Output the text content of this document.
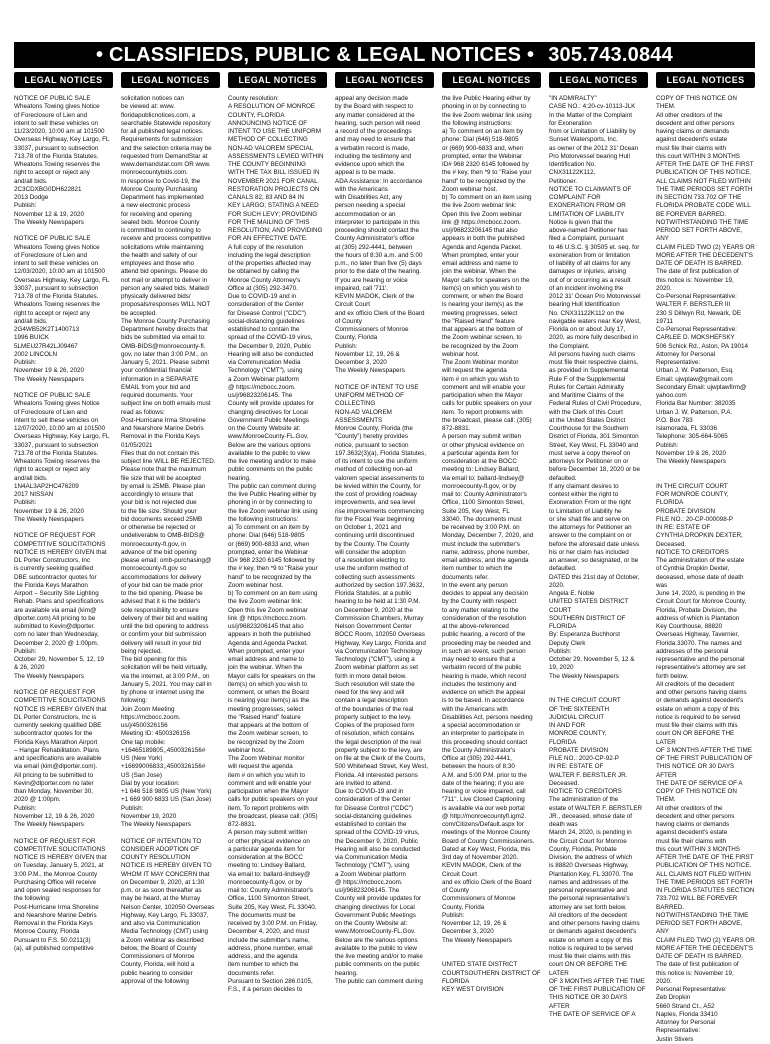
• CLASSIFIEDS, PUBLIC & LEGAL NOTICES • 305.743.0844
LEGAL NOTICES
NOTICE OF PUBLIC SALE
Wheatons Towing gives Notice
of Foreclosure of Lien and
intent to sell these vehicles on
11/23/2020, 10:00 am at 101500
Overseas Highway, Key Largo, FL
33037, pursuant to subsection
713.78 of the Florida Statutes.
Wheatons Towing reserves the
right to accept or reject any
and/all bids.
2C3CDXBG0DH622821
2013 Dodge
Publish:
November 12 & 19, 2020
The Weekly Newspapers

NOTICE OF PUBLIC SALE
Wheatons Towing gives Notice
of Foreclosure of Lien and
intent to sell these vehicles on
12/03/2020, 10:00 am at 101500
Overseas Highway, Key Largo, FL
33037, pursuant to subsection
713.78 of the Florida Statutes.
Wheatons Towing reserves the
right to accept or reject any
and/all bids.
2G4WB52K2T1400713
1996 BUICK
5LMEU27R42LJ09467
2002 LINCOLN
Publish:
November 19 & 26, 2020
The Weekly Newspapers

NOTICE OF PUBLIC SALE
Wheatons Towing gives Notice
of Foreclosure of Lien and
intent to sell these vehicles on
12/07/2020, 10:00 am at 101500
Overseas Highway, Key Largo, FL
33037, pursuant to subsection
713.78 of the Florida Statutes.
Wheatons Towing reserves the
right to accept or reject any
and/all bids.
1N4AL3AP2HC476209
2017 NISSAN
Publish:
November 19 & 26, 2020
The Weekly Newspapers

NOTICE OF REQUEST FOR
COMPETITIVE SOLICITATIONS
NOTICE IS HEREBY GIVEN that
DL Porter Constructors, Inc
is currently seeking qualified
DBE subcontractor quotes for
the Florida Keys Marathon
Airport – Security Site Lighting
Rehab. Plans and specifications
are available via email (kim@
dlporter.com) All pricing to be
submitted to Kevin@dlporter.
com no later than Wednesday,
December 2, 2020 @ 1:00pm.
Publish:
October 29, November 5, 12, 19
& 26, 2020
The Weekly Newspapers

NOTICE OF REQUEST FOR
COMPETITIVE SOLICITATIONS
NOTICE IS HEREBY GIVEN that
DL Porter Constructors, Inc is
currently seeking qualified DBE
subcontractor quotes for the
Florida Keys Marathon Airport
– Hangar Rehabilitation. Plans
and specifications are available
via email (kim@dlporter.com).
All pricing to be submitted to
Kevin@dlporter.com no later
than Monday, November 30,
2020 @ 1:00pm.
Publish:
November 12, 19 & 26, 2020
The Weekly Newspapers

NOTICE OF REQUEST FOR
COMPETITIVE SOLICITATIONS
NOTICE IS HEREBY GIVEN that
on Tuesday, January 5, 2021, at
3:00 P.M., the Monroe County
Purchasing Office will receive
and open sealed responses for
the following:
Post-Hurricane Irma Shoreline
and Nearshore Marine Debris
Removal in the Florida Keys
Monroe County, Florida
Pursuant to F.S. 50.0211(3)
(a), all published competitive
LEGAL NOTICES
solicitation notices can
be viewed at: www.
floridapublicnotices.com, a
searchable Statewide repository
for all published legal notices.
Requirements for submission
and the selection criteria may be
requested from DemandStar at
www.demandstar.com OR www.
monroecountybids.com.
In response to Covid-19, the
Monroe County Purchasing
Department has implemented
a new electronic process
for receiving and opening
sealed bids. Monroe County
is committed to continuing to
receive and process competitive
solicitations while maintaining
the health and safety of our
employees and those who
attend bid openings. Please do
not mail or attempt to deliver in
person any sealed bids. Mailed/
physically delivered bids/
proposals/responses WILL NOT
be accepted.
The Monroe County Purchasing
Department hereby directs that
bids be submitted via email to:
OMB-BIDS@monroecounty-fl.
gov, no later than 3:00 P.M., on
January 5, 2021. Please submit
your confidential financial
information in a SEPARATE
EMAIL from your bid and
required documents. Your
subject line on both emails must
read as follows:
Post-Hurricane Irma Shoreline
and Nearshore Marine Debris
Removal in the Florida Keys
01/05/2021
Files that do not contain this
subject line WILL BE REJECTED.
Please note that the maximum
file size that will be accepted
by email is 25MB. Please plan
accordingly to ensure that
your bid is not rejected due
to the file size. Should your
bid documents exceed 25MB
or otherwise be rejected or
undeliverable to OMB-BIDS@
monroecounty-fl.gov, in
advance of the bid opening
please email: omb-purchasing@
monroecounty-fl.gov so
accommodations for delivery
of your bid can be made prior
to the bid opening. Please be
advised that it is the bidder's
sole responsibility to ensure
delivery of their bid and waiting
until the bid opening to address
or confirm your bid submission
delivery will result in your bid
being rejected.
The bid opening for this
solicitation will be held virtually,
via the internet, at 3:00 P.M., on
January 5, 2021. You may call in
by phone or internet using the
following:
Join Zoom Meeting
https://mcbocc.zoom.
us/j/4500326156
Meeting ID: 4500326156
One tap mobile:
+16465189805,,4500326156#
US (New York)
+16699006833,,4500326156#
US (San Jose)
Dial by your location:
+1 646 518 9805 US (New York)
+1 669 900 6833 US (San Jose)
Publish:
November 19, 2020
The Weekly Newspapers

NOTICE OF INTENTION TO
CONSIDER ADOPTION OF
COUNTY RESOLUTION
NOTICE IS HEREBY GIVEN TO
WHOM IT MAY CONCERN that
on December 9, 2020, at 1:30
p.m. or as soon thereafter as
may be heard, at the Murray
Nelson Center, 102050 Overseas
Highway, Key Largo, FL 33037,
and also via Communication
Media Technology (CMT) using
a Zoom webinar as described
below, the Board of County
Commissioners of Monroe
County, Florida, will hold a
public hearing to consider
approval of the following
LEGAL NOTICES
County resolution:
A RESOLUTION OF MONROE
COUNTY, FLORIDA
ANNOUNCING NOTICE OF
INTENT TO USE THE UNIFORM
METHOD OF COLLECTING
NON-AD VALOREM SPECIAL
ASSESSMENTS LEVIED WITHIN
THE COUNTY BEGINNING
WITH THE TAX BILL ISSUED IN
NOVEMBER 2021 FOR CANAL
RESTORATION PROJECTS ON
CANALS 82, 83 AND 84 IN
KEY LARGO; STATING A NEED
FOR SUCH LEVY; PROVIDING
FOR THE MAILING OF THIS
RESOLUTION; AND PROVIDING
FOR AN EFFECTIVE DATE.
A full copy of the resolution
including the legal description
of the properties affected may
be obtained by calling the
Monroe County Attorney's
Office at (305) 292-3470.
Due to COVID-19 and in
consideration of the Center
for Disease Control ("CDC")
social-distancing guidelines
established to contain the
spread of the COVID-19 virus,
the December 9, 2020, Public
Hearing will also be conducted
via Communication Media
Technology ("CMT"), using
a Zoom Webinar platform
@ https://mcbocc.zoom.
us/j/96823206145. The
County will provide updates for
changing directives for Local
Government Public Meetings
on the County Website at:
www.MonroeCounty-FL.Gov.
Below are the various options
available to the public to view
the live meeting and/or to make
public comments on the public
hearing.
The public can comment during
the live Public Hearing either by
phoning in or by connecting to
the live Zoom webinar link using
the following instructions:
a) To comment on an item by
phone: Dial (646) 518-9805
or (669) 900-6833 and, when
prompted, enter the Webinar
ID# 968 2320 6145 followed by
the # key, then *9 to "Raise your
hand" to be recognized by the
Zoom webinar host.
b) To comment on an item using
the live Zoom webinar link:
Open this live Zoom webinar
link @ https://mcbocc.zoom.
us/j/96823206145 that also
appears in both the published
Agenda and Agenda Packet.
When prompted, enter your
email address and name to
join the webinar. When the
Mayor calls for speakers on the
item(s) on which you wish to
comment, or when the Board
is nearing your item(s) as the
meeting progresses, select
the "Raised Hand" feature
that appears at the bottom of
the Zoom webinar screen, to
be recognized by the Zoom
webinar host.
The Zoom Webinar monitor
will request the agenda
item # on which you wish to
comment and will enable your
participation when the Mayor
calls for public speakers on your
item. To report problems with
the broadcast, please call: (305)
872-8831.
A person may submit written
or other physical evidence on
a particular agenda item for
consideration at the BOCC
meeting to: Lindsey Ballard,
via email to: ballard-lindsey@
monroecounty-fl.gov, or by
mail to: County Administrator's
Office, 1100 Simonton Street,
Suite 205, Key West, FL 33040.
The documents must be
received by 3:00 P.M. on Friday,
December 4, 2020, and must
include the submitter's name,
address, phone number, email
address, and the agenda
item number to which the
documents refer.
Pursuant to Section 286.0105,
F.S., if a person decides to
LEGAL NOTICES
appeal any decision made
by the Board with respect to
any matter considered at the
hearing, such person will need
a record of the proceedings
and may need to ensure that
a verbatim record is made,
including the testimony and
evidence upon which the
appeal is to be made.
ADA Assistance: In accordance
with the Americans
with Disabilities Act, any
person needing a special
accommodation or an
interpreter to participate in this
proceeding should contact the
County Administrator's office
at (305) 292-4441, between
the hours of 8:30 a.m. and 5:00
p.m., no later than five (5) days
prior to the date of the hearing.
If you are hearing or voice
impaired, call '711'.
KEVIN MADOK, Clerk of the
Circuit Court
and ex officio Clerk of the Board
of County
Commissioners of Monroe
County, Florida
Publish:
November 12, 19, 26 &
December 3, 2020
The Weekly Newspapers

NOTICE OF INTENT TO USE
UNIFORM METHOD OF
COLLECTING
NON-AD VALOREM
ASSESSMENTS
Monroe County, Florida (the
"County") hereby provides
notice, pursuant to section
197.3632(3)(a), Florida Statutes,
of its intent to use the uniform
method of collecting non-ad
valorem special assessments to
be levied within the County, for
the cost of providing roadway
improvements, and sea level
rise improvements commencing
for the Fiscal Year beginning
on October 1, 2021 and
continuing until discontinued
by the County. The County
will consider the adoption
of a resolution electing to
use the uniform method of
collecting such assessments
authorized by section 197.3632,
Florida Statutes, at a public
hearing to be held at 1:30 P.M.
on December 9, 2020 at the
Commission Chambers, Murray
Nelson Government Center
BOCC Room, 102050 Overseas
Highway, Key Largo, Florida and
via Communication Technology
Technology ("CMT"), using a
Zoom webinar platform as set
forth in more detail below.
Such resolution will state the
need for the levy and will
contain a legal description
of the boundaries of the real
property subject to the levy.
Copies of the proposed form
of resolution, which contains
the legal description of the real
property subject to the levy, are
on file at the Clerk of the Courts,
500 Whitehead Street, Key West,
Florida. All interested persons
are invited to attend.
Due to COVID-19 and in
consideration of the Center
for Disease Control ("CDC")
social-distancing guidelines
established to contain the
spread of the COVID-19 virus,
the December 9, 2020, Public
Hearing will also be conducted
via Communication Media
Technology ("CMT"), using
a Zoom Webinar platform
@ https://mcbocc.zoom.
us/j/96823206145. The
County will provide updates for
changing directives for Local
Government Public Meetings
on the County Website at:
www.MonroeCounty-FL.Gov.
Below are the various options
available to the public to view
the live meeting and/or to make
public comments on the public
hearing.
The public can comment during
LEGAL NOTICES
the live Public Hearing either by
phoning in or by connecting to
the live Zoom webinar link using
the following instructions:
a) To comment on an item by
phone: Dial (646) 518-9805
or (669) 900-6833 and, when
prompted, enter the Webinar
ID# 968 2320 6145 followed by
the # key, then *9 to "Raise your
hand" to be recognized by the
Zoom webinar host.
b) To comment on an item using
the live Zoom webinar link:
Open this live Zoom webinar
link @ https://mcbocc.zoom.
us/j/96823206145 that also
appears in both the published
Agenda and Agenda Packet.
When prompted, enter your
email address and name to
join the webinar. When the
Mayor calls for speakers on the
item(s) on which you wish to
comment, or when the Board
is nearing your item(s) as the
meeting progresses, select
the "Raised Hand" feature
that appears at the bottom of
the Zoom webinar screen, to
be recognized by the Zoom
webinar host.
The Zoom Webinar monitor
will request the agenda
item # on which you wish to
comment and will enable your
participation when the Mayor
calls for public speakers on your
item. To report problems with
the broadcast, please call: (305)
872-8831.
A person may submit written
or other physical evidence on
a particular agenda item for
consideration at the BOCC
meeting to: Lindsey Ballard,
via email to: ballard-lindsey@
monroecounty-fl.gov, or by
mail to: County Administrator's
Office, 1100 Simonton Street,
Suite 205, Key West, FL
33040. The documents must
be received by 3:00 P.M. on
Monday, December 7, 2020, and
must include the submitter's
name, address, phone number,
email address, and the agenda
item number to which the
documents refer.
In the event any person
decides to appeal any decision
by the County with respect
to any matter relating to the
consideration of the resolution
at the above-referenced
public hearing, a record of the
proceeding may be needed and
in such an event, such person
may need to ensure that a
verbatim record of the public
hearing is made, which record
includes the testimony and
evidence on which the appeal
is to be based. In accordance
with the Americans with
Disabilities Act, persons needing
a special accommodation or
an interpreter to participate in
this proceeding should contact
the County Administrator's
Office at (305) 292-4441,
between the hours of 8:30
A.M. and 5:00 P.M. prior to the
date of the hearing; if you are
hearing or voice impaired, call
"711". Live Closed Captioning
is available via our web portal
@ http://monroecountyfl.igm2.
com/Citizens/Default.aspx for
meetings of the Monroe County
Board of County Commissioners.
Dated at Key West, Florida, this
3rd day of November 2020.
KEVIN MADOK, Clerk of the
Circuit Court
and ex officio Clerk of the Board
of County
Commissioners of Monroe
County, Florida
Publish:
November 12, 19, 26 &
December 3, 2020
The Weekly Newspapers

UNITED STATE DISTRICT
COURTSOUTHERN DISTRICT OF
FLORIDA
KEY WEST DIVISION
LEGAL NOTICES
"IN ADMIRALTY"
CASE NO.: 4:20-cv-10113-JLK
In the Matter of the Complaint
for Exoneration
from or Limitation of Liability by
Sunset Watersports, Inc.
as owner of the 2012 31' Ocean
Pro Motorvessel bearing Hull
Identification No.
CNX31122K112,
Petitioner.
NOTICE TO CLAIMANTS OF
COMPLAINT FOR
EXONERATION FROM OR
LIMITATION OF LIABILITY
Notice is given that the
above-named Petitioner has
filed a Complaint, pursuant
to 46 U.S.C. § 30505 et. seq. for
exoneration from or limitation
of liability of all claims for any
damages or injuries, arising
out of or occurring as a result
of an incident involving the
2012 31' Ocean Pro Motorvessel
bearing Hull Identification
No. CNX31122K112 on the
navigable waters near Key West,
Florida on or about July 17,
2020, as more fully described in
the Complaint.
All persons having such claims
must file their respective claims,
as provided in Supplemental
Rule F of the Supplemental
Rules for Certain Admiralty
and Maritime Claims of the
Federal Rules of Civil Procedure,
with the Clerk of this Court
at the United States District
Courthouse for the Southern
District of Florida, 301 Simonton
Street, Key West, FL 33040 and
must serve a copy thereof on
attorneys for Petitioner on or
before December 18, 2020 or be
defaulted.
If any claimant desires to
contest either the right to
Exoneration From or the right
to Limitation of Liability he
or she shall file and serve on
the attorneys for Petitioner an
answer to the complaint on or
before the aforesaid date unless
his or her claim has included
an answer, so designated, or be
defaulted.
DATED this 21st day of October,
2020.
Angela E. Noble
UNITED STATES DISTRICT COURT
SOUTHERN DISTRICT OF
FLORIDA
By: Esperanza Buchhorst
Deputy Clerk
Publish:
October 29, November 5, 12 &
19, 2020
The Weekly Newspapers

IN THE CIRCUIT COURT
OF THE SIXTEENTH
JUDICIAL CIRCUIT
IN AND FOR
MONROE COUNTY,
FLORIDA
PROBATE DIVISION
FILE NO.: 2020-CP-92-P
IN RE: ESTATE OF
WALTER F. BERSTLER JR.
Deceased.
NOTICE TO CREDITORS
The administration of the
estate of WALTER F. BERSTLER
JR., deceased, whose date of
death was
March 24, 2020, is pending in
the Circuit Court for Monroe
County, Florida, Probate
Division, the address of which
is 88820 Overseas Highway,
Plantation Key, FL 33070. The
names and addresses of the
personal representative and
the personal representative's
attorney are set forth below.
All creditors of the decedent
and other persons having claims
or demands against decedent's
estate on whom a copy of this
notice is required to be served
must file their claims with this
court ON OR BEFORE THE LATER
OF 3 MONTHS AFTER THE TIME
OF THE FIRST PUBLICATION OF
THIS NOTICE OR 30 DAYS AFTER
THE DATE OF SERVICE OF A
LEGAL NOTICES
COPY OF THIS NOTICE ON THEM.
All other creditors of the
decedent and other persons
having claims or demands
against decedent's estate
must file their claims with
this court WITHIN 3 MONTHS
AFTER THE DATE OF THE FIRST
PUBLICATION OF THIS NOTICE.
ALL CLAIMS NOT FILED WITHIN
THE TIME PERIODS SET FORTH
IN SECTION 733.702 OF THE
FLORIDA PROBATE CODE WILL
BE FOREVER BARRED.
NOTWITHSTANDING THE TIME
PERIOD SET FORTH ABOVE, ANY
CLAIM FILED TWO (2) YEARS OR
MORE AFTER THE DECEDENT'S
DATE OF DEATH IS BARRED.
The date of first publication of
this notice is: November 19,
2020.
Co-Personal Representative:
WALTER F. BERSTLER III
230 S Dillwyn Rd, Newark, DE
19711
Co-Personal Representative:
CARLEE D. MOKSHEFSKY
506 Schick Rd., Aston, PA 19014
Attorney for Personal
Representative:
Urban J. W. Patterson, Esq.
Email: ujwplaw@gmail.com
Secondary Email: ujwplawfirm@
yahoo.com
Florida Bar Number: 382035
Urban J. W. Patterson, P.A.
P.O. Box 783
Islamorada, FL 33036
Telephone: 305-664-5065
Publish:
November 19 & 26, 2020
The Weekly Newspapers

IN THE CIRCUIT COURT
FOR MONROE COUNTY,
FLORIDA
PROBATE DIVISION
FILE NO.: 20-CP-000098-P
IN RE: ESTATE OF
CYNTHIA DROPKIN DEXTER,
Deceased.
NOTICE TO CREDITORS
The administration of the estate
of Cynthia Dropkin Dexter,
deceased, whose date of death
was
June 14, 2020, is pending in the
Circuit Court for Monroe County,
Florida, Probate Division, the
address of which is Plantation
Key Courthouse, 88820
Overseas Highway, Tavernier,
Florida 33070. The names and
addresses of the personal
representative and the personal
representative's attorney are set
forth below.
All creditors of the decedent
and other persons having claims
or demands against decedent's
estate on whom a copy of this
notice is required to be served
must file their claims with this
court ON OR BEFORE THE LATER
OF 3 MONTHS AFTER THE TIME
OF THE FIRST PUBLICATION OF
THIS NOTICE OR 30 DAYS AFTER
THE DATE OF SERVICE OF A
COPY OF THIS NOTICE ON THEM.
All other creditors of the
decedent and other persons
having claims or demands
against decedent's estate
must file their claims with
this court WITHIN 3 MONTHS
AFTER THE DATE OF THE FIRST
PUBLICATION OF THIS NOTICE.
ALL CLAIMS NOT FILED WITHIN
THE TIME PERIODS SET FORTH
IN FLORIDA STATUTES SECTION
733.702 WILL BE FOREVER
BARRED.
NOTWITHSTANDING THE TIME
PERIOD SET FORTH ABOVE, ANY
CLAIM FILED TWO (2) YEARS OR
MORE AFTER THE DECEDENT'S
DATE OF DEATH IS BARRED.
The date of first publication of
this notice is: November 19,
2020.
Personal Representative:
Zeb Dropkin
5660 Strand Ct., A52
Naples, Florida 33410
Attorney for Personal
Representative:
Justin Stivers
